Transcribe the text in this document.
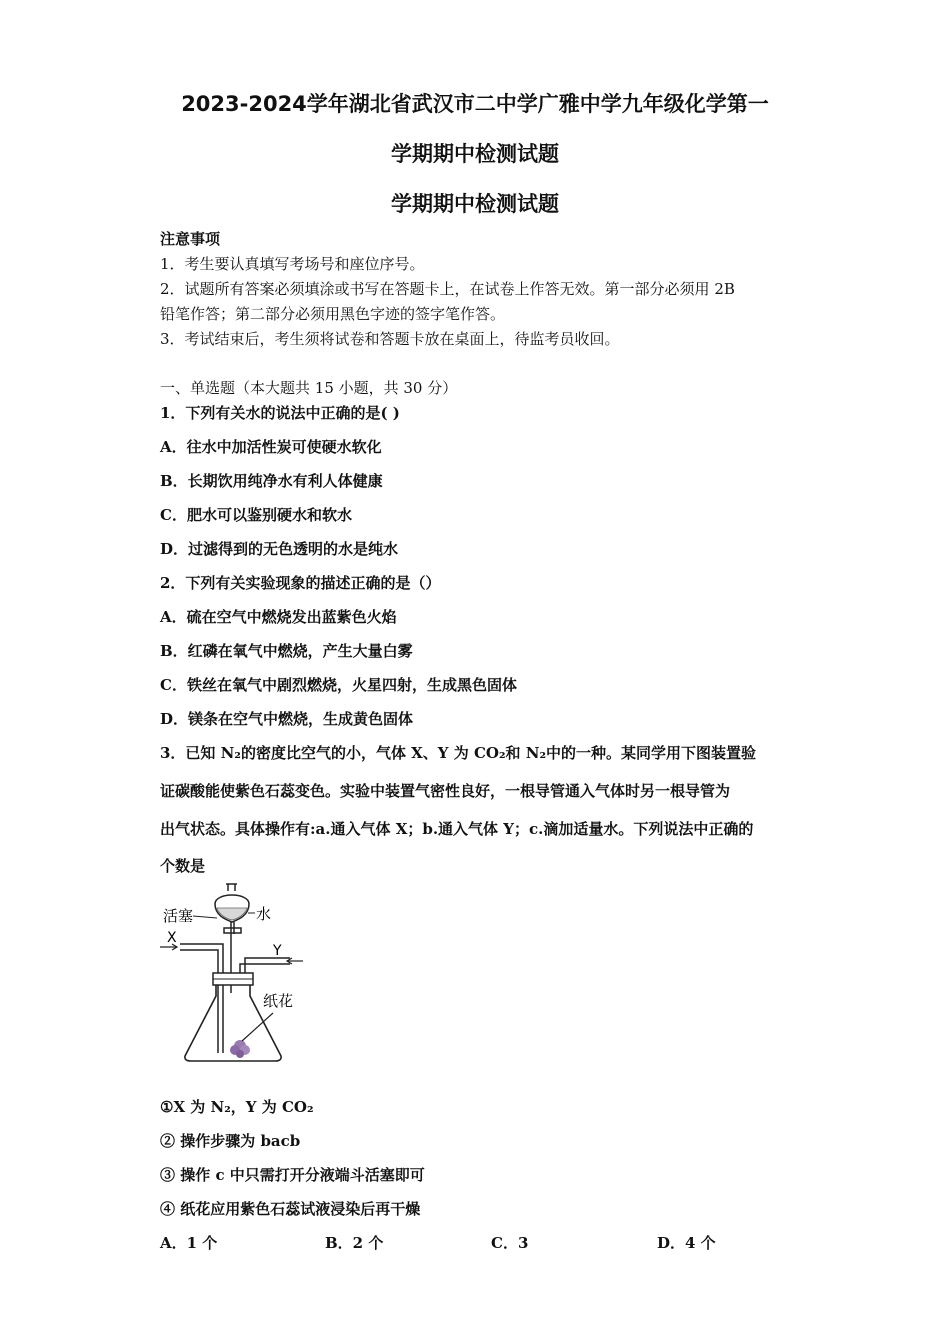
2023-2024学年湖北省武汉市二中学广雅中学九年级化学第一
学期期中检测试题
学期期中检测试题

注意事项

1．考生要认真填写考场号和座位序号。

2．试题所有答案必须填涂或书写在答题卡上，在试卷上作答无效。第一部分必须用 2B

铅笔作答；第二部分必须用黑色字迹的签字笔作答。

3．考试结束后，考生须将试卷和答题卡放在桌面上，待监考员收回。

一、单选题（本大题共 15 小题，共 30 分）

1．下列有关水的说法中正确的是( )

A．往水中加活性炭可使硬水软化

B．长期饮用纯净水有利人体健康

C．肥水可以鉴别硬水和软水

D．过滤得到的无色透明的水是纯水

2．下列有关实验现象的描述正确的是（）

A．硫在空气中燃烧发出蓝紫色火焰

B．红磷在氧气中燃烧，产生大量白雾

C．铁丝在氧气中剧烈燃烧，火星四射，生成黑色固体

D．镁条在空气中燃烧，生成黄色固体

3．已知 N₂的密度比空气的小，气体 X、Y 为 CO₂和 N₂中的一种。某同学用下图装置验

证碳酸能使紫色石蕊变色。实验中装置气密性良好，一根导管通入气体时另一根导管为

出气状态。具体操作有:a.通入气体 X；b.通入气体 Y；c.滴加适量水。下列说法中正确的

个数是

活塞	水
X
Y
纸花

①X 为 N₂，Y 为 CO₂

② 操作步骤为 bacb

③ 操作 c 中只需打开分液端斗活塞即可

④ 纸花应用紫色石蕊试液浸染后再干燥

A．1 个	B．2 个	C．3	D．4 个
